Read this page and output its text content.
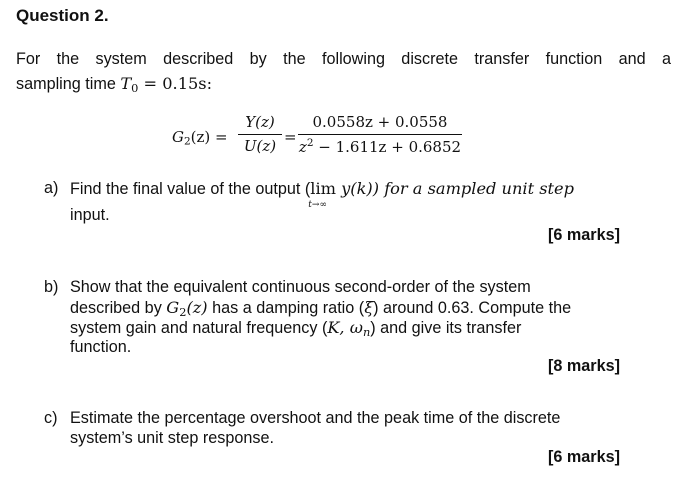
Question 2.
For the system described by the following discrete transfer function and a
sampling time $T_0 = 0.15s$:
$G_2(z)$ =
Y(z)
U(z) =
0.0558z + 0.0558
$z^2 - 1.611z + 0.6852$
a) Find the final value of the output (lim
t→∞
y(k)) for a sampled unit step
input.
[6 marks]
b) Show that the equivalent continuous second-order of the system
described by $G_2(z)$ has a damping ratio (ξ) around 0.63. Compute the
system gain and natural frequency (K, $\omega_n$) and give its transfer
function.
[8 marks]
c) Estimate the percentage overshoot and the peak time of the discrete
system’s unit step response.
[6 marks]
